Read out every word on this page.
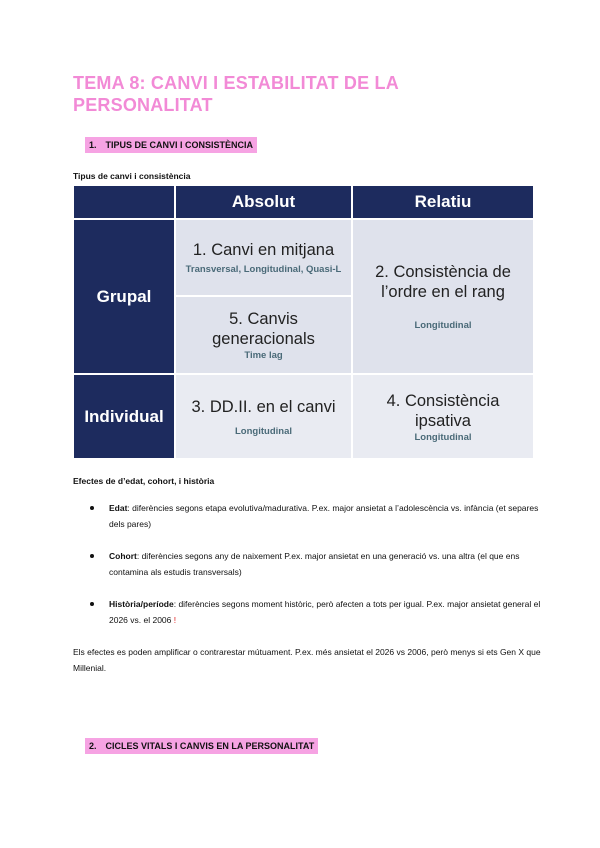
TEMA 8: CANVI I ESTABILITAT DE LA PERSONALITAT
1. TIPUS DE CANVI I CONSISTÈNCIA
Tipus de canvi i consistència
Absolut	Relatiu
Grupal
1. Canvi en mitjana
Transversal, Longitudinal, Quasi-L
5. Canvis generacionals
Time lag
2. Consistència de l’ordre en el rang
Longitudinal
Individual	3. DD.II. en el canvi
Longitudinal
4. Consistència ipsativa
Longitudinal
Efectes de d’edat, cohort, i història
Edat: diferències segons etapa evolutiva/madurativa. P.ex. major ansietat a l’adolescència vs. infància (et separes dels pares)
Cohort: diferències segons any de naixement P.ex. major ansietat en una generació vs. una altra (el que ens contamina als estudis transversals)
Història/període: diferències segons moment històric, però afecten a tots per igual. P.ex. major ansietat general el 2026 vs. el 2006 !
Els efectes es poden amplificar o contrarestar mútuament. P.ex. més ansietat el 2026 vs 2006, però menys si ets Gen X que Millenial.
2. CICLES VITALS I CANVIS EN LA PERSONALITAT
